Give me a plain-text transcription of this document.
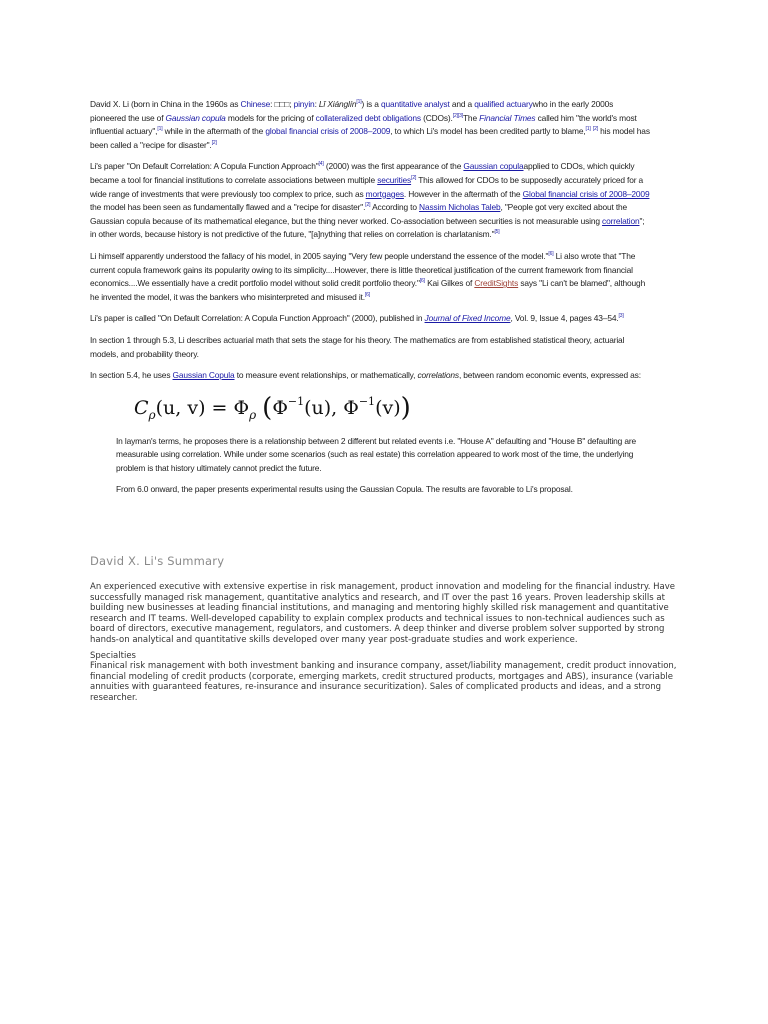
David X. Li (born in China in the 1960s as Chinese: □□□; pinyin: Lǐ Xiánglín[1]) is a quantitative analyst and a qualified actuarywho in the early 2000s pioneered the use of Gaussian copula models for the pricing of collateralized debt obligations (CDOs).[2][3]The Financial Times called him "the world's most influential actuary",[1] while in the aftermath of the global financial crisis of 2008–2009, to which Li's model has been credited partly to blame,[1] [2] his model has been called a "recipe for disaster".[2]

Li's paper "On Default Correlation: A Copula Function Approach"[4] (2000) was the first appearance of the Gaussian copulaapplied to CDOs, which quickly became a tool for financial institutions to correlate associations between multiple securities[2] This allowed for CDOs to be supposedly accurately priced for a wide range of investments that were previously too complex to price, such as mortgages. However in the aftermath of the Global financial crisis of 2008–2009 the model has been seen as fundamentally flawed and a "recipe for disaster".[2] According to Nassim Nicholas Taleb, "People got very excited about the Gaussian copula because of its mathematical elegance, but the thing never worked. Co-association between securities is not measurable using correlation"; in other words, because history is not predictive of the future, "[a]nything that relies on correlation is charlatanism."[5]

Li himself apparently understood the fallacy of his model, in 2005 saying "Very few people understand the essence of the model."[6] Li also wrote that "The current copula framework gains its popularity owing to its simplicity....However, there is little theoretical justification of the current framework from financial economics....We essentially have a credit portfolio model without solid credit portfolio theory."[6] Kai Gilkes of CreditSights says "Li can't be blamed", although he invented the model, it was the bankers who misinterpreted and misused it.[6]

Li's paper is called "On Default Correlation: A Copula Function Approach" (2000), published in Journal of Fixed Income, Vol. 9, Issue 4, pages 43–54.[3]

In section 1 through 5.3, Li describes actuarial math that sets the stage for his theory. The mathematics are from established statistical theory, actuarial models, and probability theory.

In section 5.4, he uses Gaussian Copula to measure event relationships, or mathematically, correlations, between random economic events, expressed as:

$C_\rho(u$, $v) = \Phi_\rho$ ($\Phi^{-1}(u)$, $\Phi^{-1}(v)$)

In layman's terms, he proposes there is a relationship between 2 different but related events i.e. "House A" defaulting and "House B" defaulting are measurable using correlation. While under some scenarios (such as real estate) this correlation appeared to work most of the time, the underlying problem is that history ultimately cannot predict the future.

From 6.0 onward, the paper presents experimental results using the Gaussian Copula. The results are favorable to Li's proposal.

David X. Li's Summary

An experienced executive with extensive expertise in risk management, product innovation and modeling for the financial industry. Have successfully managed risk management, quantitative analytics and research, and IT over the past 16 years. Proven leadership skills at building new businesses at leading financial institutions, and managing and mentoring highly skilled risk management and quantitative research and IT teams. Well-developed capability to explain complex products and technical issues to non-technical audiences such as board of directors, executive management, regulators, and customers. A deep thinker and diverse problem solver supported by strong hands-on analytical and quantitative skills developed over many year post-graduate studies and work experience.

Specialties

Finanical risk management with both investment banking and insurance company, asset/liability management, credit product innovation, financial modeling of credit products (corporate, emerging markets, credit structured products, mortgages and ABS), insurance (variable annuities with guaranteed features, re-insurance and insurance securitization). Sales of complicated products and ideas, and a strong researcher.
